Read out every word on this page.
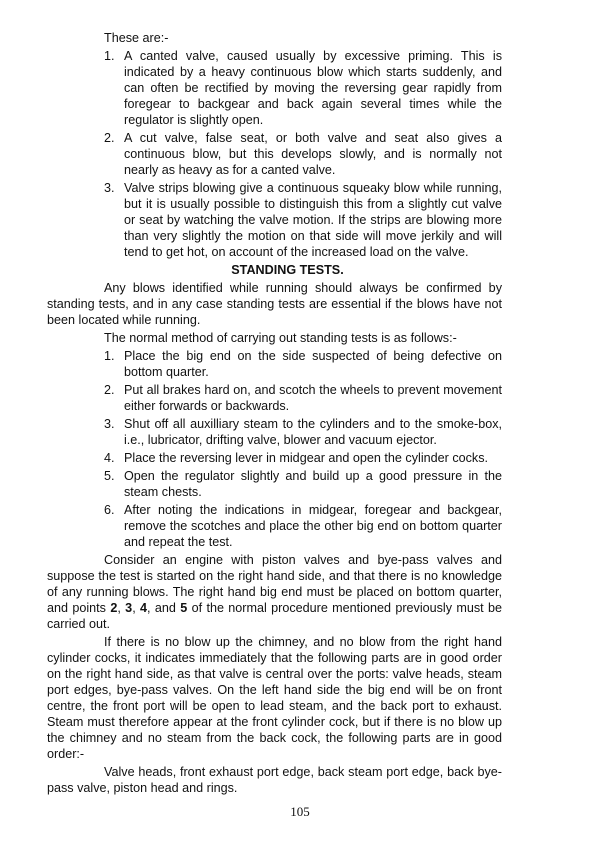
These are:-

1. A canted valve, caused usually by excessive priming. This is indicated by a heavy continuous blow which starts suddenly, and can often be rectified by moving the reversing gear rapidly from foregear to backgear and back again several times while the regulator is slightly open.
2. A cut valve, false seat, or both valve and seat also gives a continuous blow, but this develops slowly, and is normally not nearly as heavy as for a canted valve.
3. Valve strips blowing give a continuous squeaky blow while running, but it is usually possible to distinguish this from a slightly cut valve or seat by watching the valve motion. If the strips are blowing more than very slightly the motion on that side will move jerkily and will tend to get hot, on account of the increased load on the valve.
STANDING TESTS.

Any blows identified while running should always be confirmed by standing tests, and in any case standing tests are essential if the blows have not been located while running.

The normal method of carrying out standing tests is as follows:-

1. Place the big end on the side suspected of being defective on bottom quarter.
2. Put all brakes hard on, and scotch the wheels to prevent movement either forwards or backwards.
3. Shut off all auxilliary steam to the cylinders and to the smoke-box, i.e., lubricator, drifting valve, blower and vacuum ejector.
4. Place the reversing lever in midgear and open the cylinder cocks.
5. Open the regulator slightly and build up a good pressure in the steam chests.
6. After noting the indications in midgear, foregear and backgear, remove the scotches and place the other big end on bottom quarter and repeat the test.

Consider an engine with piston valves and bye-pass valves and suppose the test is started on the right hand side, and that there is no knowledge of any running blows. The right hand big end must be placed on bottom quarter, and points 2, 3, 4, and 5 of the normal procedure mentioned previously must be carried out.

If there is no blow up the chimney, and no blow from the right hand cylinder cocks, it indicates immediately that the following parts are in good order on the right hand side, as that valve is central over the ports: valve heads, steam port edges, bye-pass valves. On the left hand side the big end will be on front centre, the front port will be open to lead steam, and the back port to exhaust. Steam must therefore appear at the front cylinder cock, but if there is no blow up the chimney and no steam from the back cock, the following parts are in good order:-

Valve heads, front exhaust port edge, back steam port edge, back bye-pass valve, piston head and rings.

105
